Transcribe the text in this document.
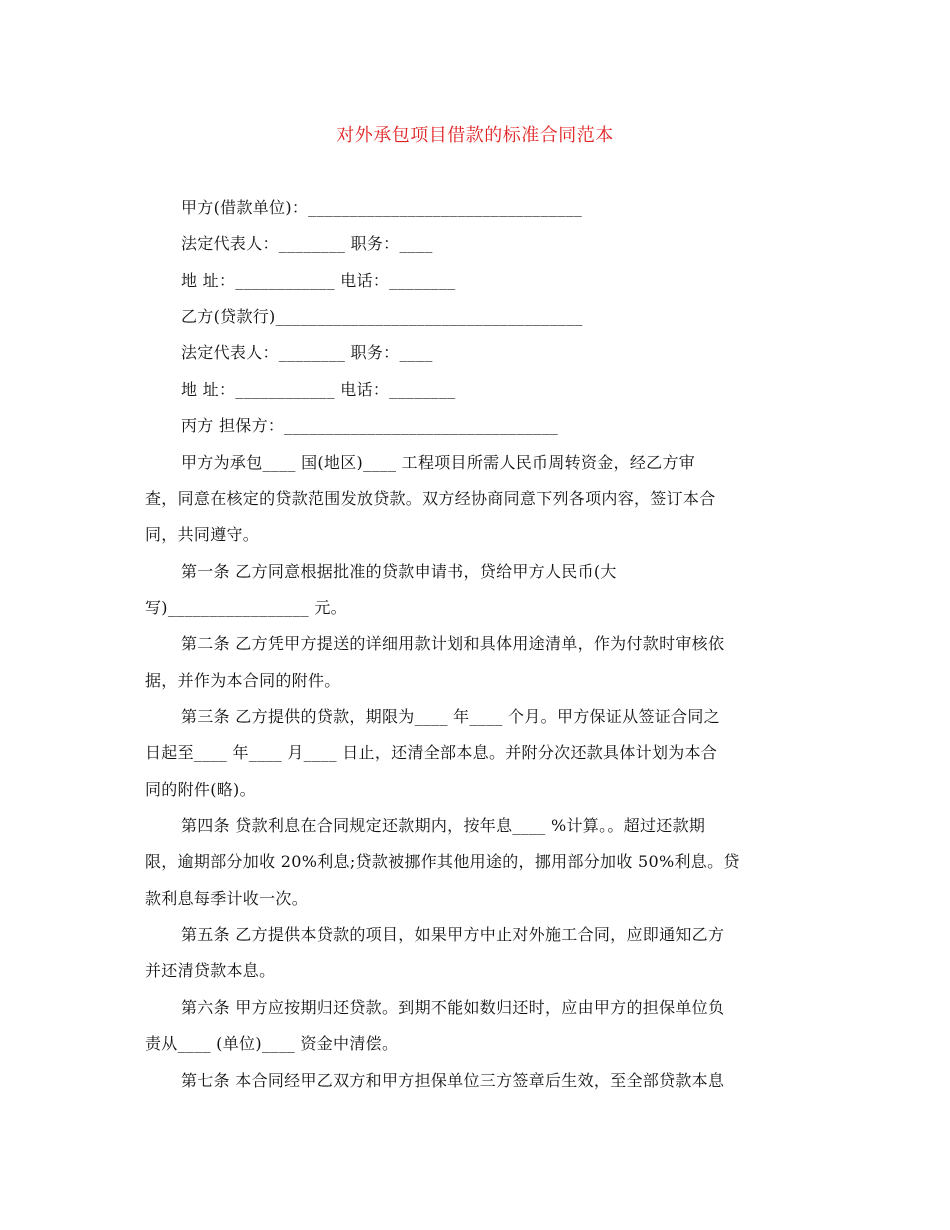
对外承包项目借款的标准合同范本
甲方(借款单位)：_________________________________
法定代表人：________ 职务：____
地 址：____________ 电话：________
乙方(贷款行)_____________________________________
法定代表人：________ 职务：____
地 址：____________ 电话：________
丙方 担保方：_________________________________
甲方为承包____ 国(地区)____ 工程项目所需人民币周转资金，经乙方审
查，同意在核定的贷款范围发放贷款。双方经协商同意下列各项内容，签订本合
同，共同遵守。
第一条 乙方同意根据批准的贷款申请书，贷给甲方人民币(大
写)_________________ 元。
第二条 乙方凭甲方提送的详细用款计划和具体用途清单，作为付款时审核依
据，并作为本合同的附件。
第三条 乙方提供的贷款，期限为____ 年____ 个月。甲方保证从签证合同之
日起至____ 年____ 月____ 日止，还清全部本息。并附分次还款具体计划为本合
同的附件(略)。
第四条 贷款利息在合同规定还款期内，按年息____ %计算。。超过还款期
限，逾期部分加收 20%利息;贷款被挪作其他用途的，挪用部分加收 50%利息。贷
款利息每季计收一次。
第五条 乙方提供本贷款的项目，如果甲方中止对外施工合同，应即通知乙方
并还清贷款本息。
第六条 甲方应按期归还贷款。到期不能如数归还时，应由甲方的担保单位负
责从____ (单位)____ 资金中清偿。
第七条 本合同经甲乙双方和甲方担保单位三方签章后生效，至全部贷款本息
